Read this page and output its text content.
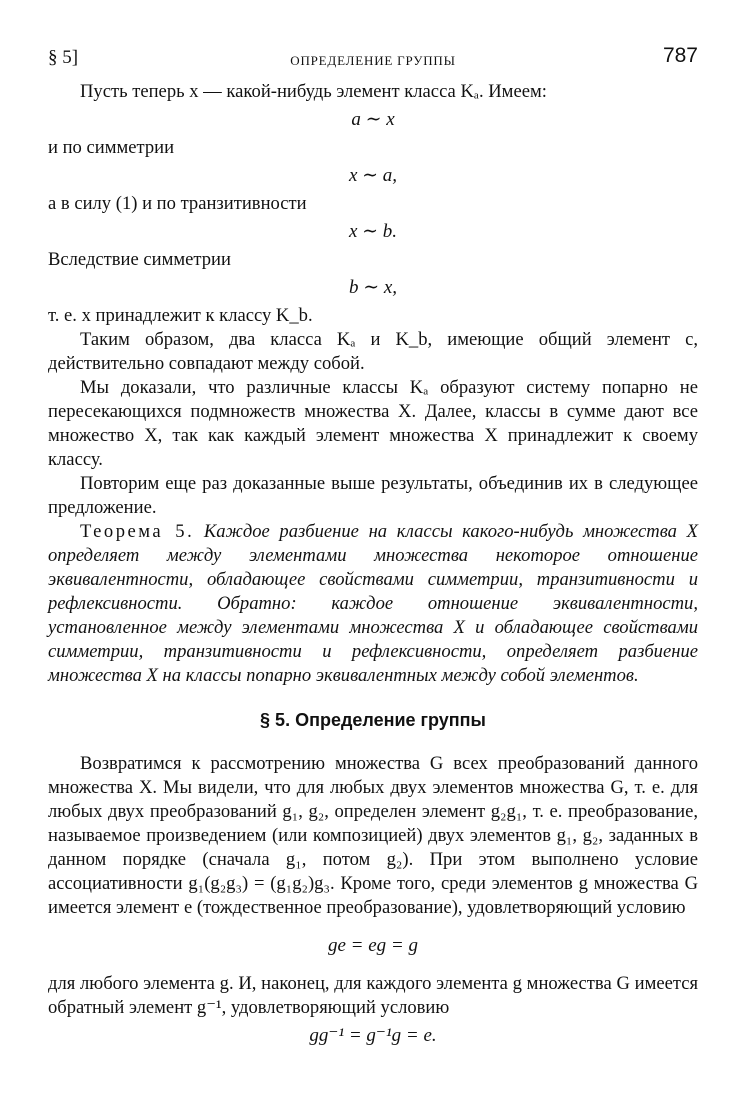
§ 5]	ОПРЕДЕЛЕНИЕ ГРУППЫ	787

Пусть теперь x — какой-нибудь элемент класса Kₐ. Имеем:

a ∼ x

и по симметрии

x ∼ a,

а в силу (1) и по транзитивности

x ∼ b.

Вследствие симметрии

b ∼ x,

т. е. x принадлежит к классу K_b.

Таким образом, два класса Kₐ и K_b, имеющие общий элемент c, действительно совпадают между собой.

Мы доказали, что различные классы Kₐ образуют систему попарно не пересекающихся подмножеств множества X. Далее, классы в сумме дают все множество X, так как каждый элемент множества X принадлежит к своему классу.

Повторим еще раз доказанные выше результаты, объединив их в следующее предложение.

Теорема 5. Каждое разбиение на классы какого-нибудь множества X определяет между элементами множества некоторое отношение эквивалентности, обладающее свойствами симметрии, транзитивности и рефлексивности. Обратно: каждое отношение эквивалентности, установленное между элементами множества X и обладающее свойствами симметрии, транзитивности и рефлексивности, определяет разбиение множества X на классы попарно эквивалентных между собой элементов.

§ 5. Определение группы

Возвратимся к рассмотрению множества G всех преобразований данного множества X. Мы видели, что для любых двух элементов множества G, т. е. для любых двух преобразований g₁, g₂, определен элемент g₂g₁, т. е. преобразование, называемое произведением (или композицией) двух элементов g₁, g₂, заданных в данном порядке (сначала g₁, потом g₂). При этом выполнено условие ассоциативности g₁(g₂g₃) = (g₁g₂)g₃. Кроме того, среди элементов g множества G имеется элемент e (тождественное преобразование), удовлетворяющий условию

ge = eg = g

для любого элемента g. И, наконец, для каждого элемента g множества G имеется обратный элемент g⁻¹, удовлетворяющий условию

gg⁻¹ = g⁻¹g = e.
